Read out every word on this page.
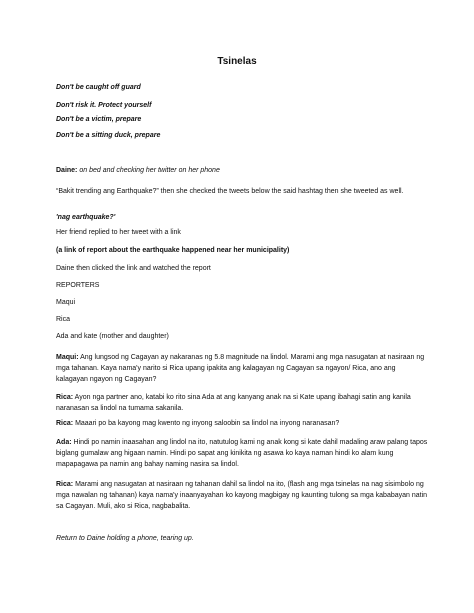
Tsinelas
Don't be caught off guard
Don't risk it. Protect yourself
Don't be a victim, prepare
Don't be a sitting duck, prepare
Daine: on bed and checking her twitter on her phone
“Bakit trending ang Earthquake?” then she checked the tweets below the said hashtag then she tweeted as well.
'nag earthquake?'
Her friend replied to her tweet with a link
(a link of report about the earthquake happened near her municipality)
Daine then clicked the link and watched the report
REPORTERS
Maqui
Rica
Ada and kate (mother and daughter)
Maqui: Ang lungsod ng Cagayan ay nakaranas ng 5.8 magnitude na lindol. Marami ang mga nasugatan at nasiraan ng mga tahanan. Kaya nama'y narito si Rica upang ipakita ang kalagayan ng Cagayan sa ngayon/ Rica, ano ang kalagayan ngayon ng Cagayan?
Rica: Ayon nga partner ano, katabi ko rito sina Ada at ang kanyang anak na si Kate upang ibahagi satin ang kanila naranasan sa lindol na tumama sakanila.
Rica: Maaari po ba kayong mag kwento ng inyong saloobin sa lindol na inyong naranasan?
Ada: Hindi po namin inaasahan ang lindol na ito, natutulog kami ng anak kong si kate dahil madaling araw palang tapos biglang gumalaw ang higaan namin. Hindi po sapat ang kinikita ng asawa ko kaya naman hindi ko alam kung mapapagawa pa namin ang bahay naming nasira sa lindol.
Rica: Marami ang nasugatan at nasiraan ng tahanan dahil sa lindol na ito, (flash ang mga tsinelas na nag sisimbolo ng mga nawalan ng tahanan) kaya nama'y inaanyayahan ko kayong magbigay ng kaunting tulong sa mga kababayan natin sa Cagayan. Muli, ako si Rica, nagbabalita.
Return to Daine holding a phone, tearing up.
